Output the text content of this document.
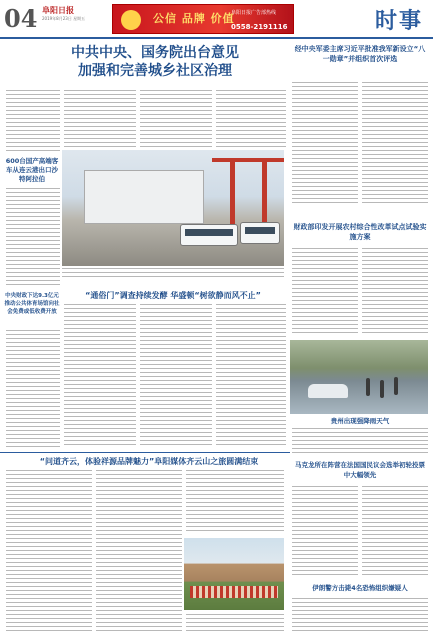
04 阜阳日报
2019年8月23日 星期五	公信 品牌 价值
阜阳日报广告部热线
0558-2191116	时事
中共中央、国务院出台意见
加强和完善城乡社区治理
600台国产高端客车从连云港出口沙特阿拉伯
中央财政下达9.3亿元推动公共体育场馆向社会免费或低收费开放
“通俗门”调查持续发酵 华盛顿“树欲静而风不止”
经中央军委主席习近平批准我军新设立“八一勋章”并组织首次评选
财政部印发开展农村综合性改革试点试验实施方案
贵州出现强降雨天气
马克龙所在阵营在法国国民议会选举初轮投票中大幅领先
伊朗警方击毙4名恐怖组织嫌疑人
“问道齐云，体验祥源品牌魅力”阜阳媒体齐云山之旅圆满结束
